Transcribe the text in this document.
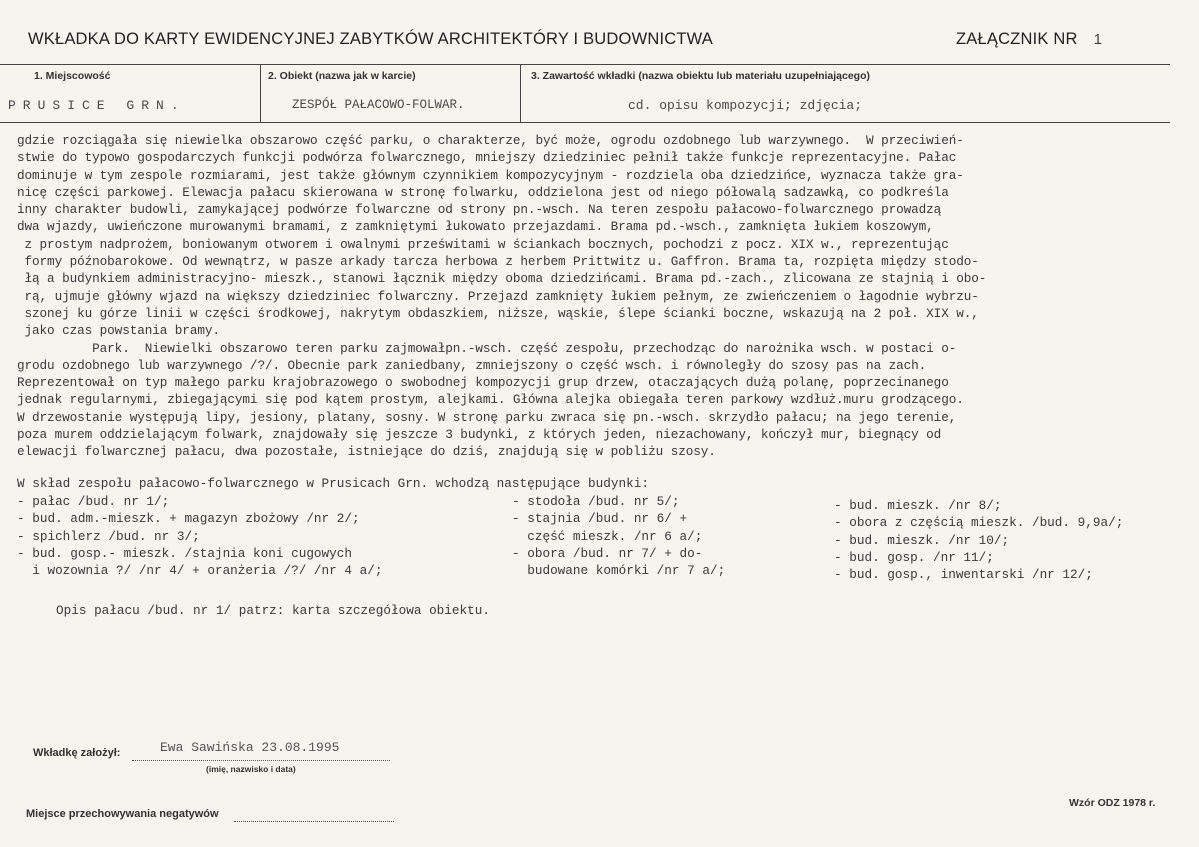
WKŁADKA DO KARTY EWIDENCYJNEJ ZABYTKÓW ARCHITEKTÓRY I BUDOWNICTWA	ZAŁĄCZNIK NR 1
1. Miejscowość
PRUSICE GRN.
2. Obiekt (nazwa jak w karcie)
ZESPÓŁ PAŁACOWO-FOLWAR.
3. Zawartość wkładki (nazwa obiektu lub materiału uzupełniającego)
cd. opisu kompozycji; zdjęcia;
gdzie rozciągała się niewielka obszarowo część parku, o charakterze, być może, ogrodu ozdobnego lub warzywnego.  W przeciwień-
stwie do typowo gospodarczych funkcji podwórza folwarcznego, mniejszy dziedziniec pełnił także funkcje reprezentacyjne. Pałac
dominuje w tym zespole rozmiarami, jest także głównym czynnikiem kompozycyjnym - rozdziela oba dziedzińce, wyznacza także gra-
nicę części parkowej. Elewacja pałacu skierowana w stronę folwarku, oddzielona jest od niego półowalą sadzawką, co podkreśla
inny charakter budowli, zamykającej podwórze folwarczne od strony pn.-wsch. Na teren zespołu pałacowo-folwarcznego prowadzą
dwa wjazdy, uwieńczone murowanymi bramami, z zamkniętymi łukowato przejazdami. Brama pd.-wsch., zamknięta łukiem koszowym,
z prostym nadprożem, boniowanym otworem i owalnymi prześwitami w ściankach bocznych, pochodzi z pocz. XIX w., reprezentując
formy późnobarokowe. Od wewnątrz, w pasze arkady tarcza herbowa z herbem Prittwitz u. Gaffron. Brama ta, rozpięta między stodo-
łą a budynkiem administracyjno- mieszk., stanowi łącznik między oboma dziedzińcami. Brama pd.-zach., zlicowana ze stajnią i obo-
rą, ujmuje główny wjazd na większy dziedziniec folwarczny. Przejazd zamknięty łukiem pełnym, ze zwieńczeniem o łagodnie wybrzu-
szonej ku górze linii w części środkowej, nakrytym obdaszkiem, niższe, wąskie, ślepe ścianki boczne, wskazują na 2 poł. XIX w.,
jako czas powstania bramy.
Park.  Niewielki obszarowo teren parku zajmowałpn.-wsch. część zespołu, przechodząc do narożnika wsch. w postaci o-
grodu ozdobnego lub warzywnego /?/. Obecnie park zaniedbany, zmniejszony o część wsch. i równoległy do szosy pas na zach.
Reprezentował on typ małego parku krajobrazowego o swobodnej kompozycji grup drzew, otaczających dużą polanę, poprzecinanego
jednak regularnymi, zbiegającymi się pod kątem prostym, alejkami. Główna alejka obiegała teren parkowy wzdłuż.muru grodzącego.
W drzewostanie występują lipy, jesiony, platany, sosny. W stronę parku zwraca się pn.-wsch. skrzydło pałacu; na jego terenie,
poza murem oddzielającym folwark, znajdowały się jeszcze 3 budynki, z których jeden, niezachowany, kończył mur, biegnący od
elewacji folwarcznej pałacu, dwa pozostałe, istniejące do dziś, znajdują się w pobliżu szosy.
W skład zespołu pałacowo-folwarcznego w Prusicach Grn. wchodzą następujące budynki:
- pałac /bud. nr 1/;
- bud. adm.-mieszk. + magazyn zbożowy /nr 2/;
- spichlerz /bud. nr 3/;
- bud. gosp.- mieszk. /stajnia koni cugowych
i wozownia ?/ /nr 4/ + oranżeria /?/ /nr 4 a/;
- stodoła /bud. nr 5/;
- stajnia /bud. nr 6/ +
część mieszk. /nr 6 a/;
- obora /bud. nr 7/ + do-
budowane komórki /nr 7 a/;
- bud. mieszk. /nr 8/;
- obora z częścią mieszk. /bud. 9,9a/;
- bud. mieszk. /nr 10/;
- bud. gosp. /nr 11/;
- bud. gosp., inwentarski /nr 12/;
Opis pałacu /bud. nr 1/ patrz: karta szczegółowa obiektu.
Wkładkę założył:	Ewa Sawińska 23.08.1995
(imię, nazwisko i data)
Miejsce przechowywania negatywów
Wzór ODZ 1978 r.
